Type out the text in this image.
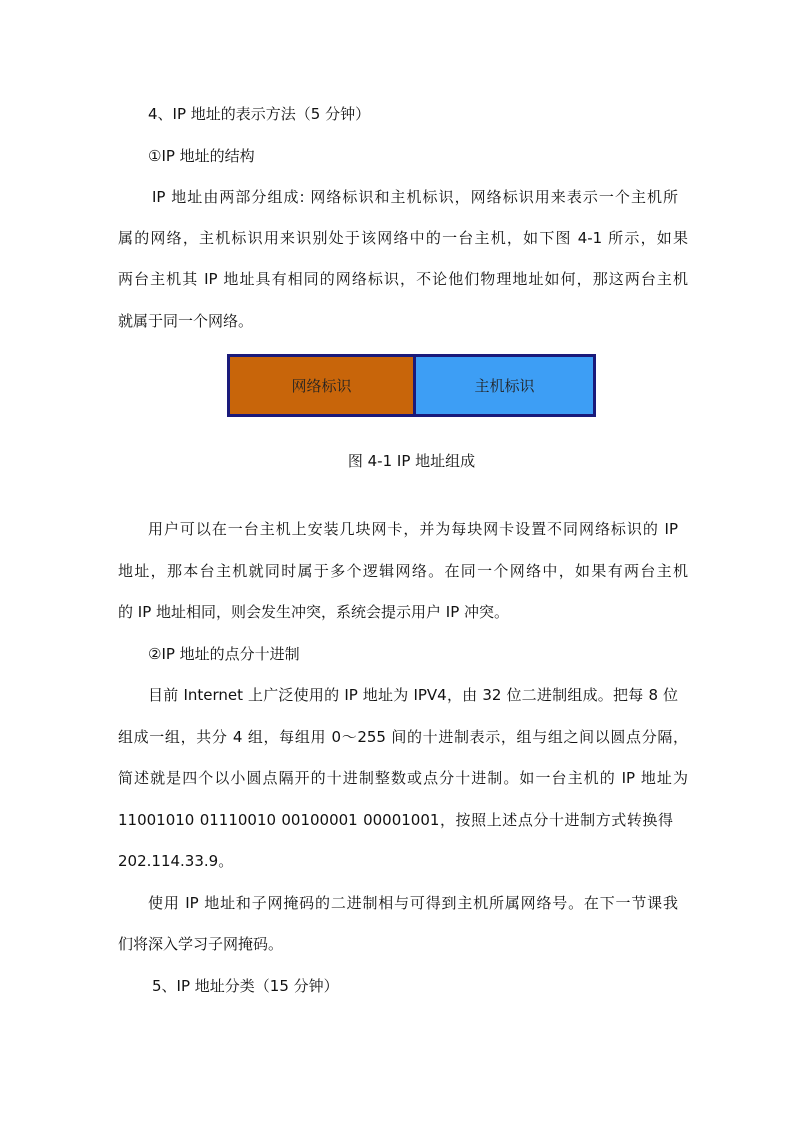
4、IP 地址的表示方法（5 分钟）

①IP 地址的结构

IP 地址由两部分组成: 网络标识和主机标识，网络标识用来表示一个主机所

属的网络，主机标识用来识别处于该网络中的一台主机，如下图 4-1 所示，如果

两台主机其 IP 地址具有相同的网络标识，不论他们物理地址如何，那这两台主机

就属于同一个网络。

网络标识	主机标识

图 4-1 IP 地址组成

用户可以在一台主机上安装几块网卡，并为每块网卡设置不同网络标识的 IP

地址，那本台主机就同时属于多个逻辑网络。在同一个网络中，如果有两台主机

的 IP 地址相同，则会发生冲突，系统会提示用户 IP 冲突。

②IP 地址的点分十进制

目前 Internet 上广泛使用的 IP 地址为 IPV4，由 32 位二进制组成。把每 8 位

组成一组，共分 4 组，每组用 0～255 间的十进制表示，组与组之间以圆点分隔，

简述就是四个以小圆点隔开的十进制整数或点分十进制。如一台主机的 IP 地址为

11001010 01110010 00100001 00001001，按照上述点分十进制方式转换得

202.114.33.9。

使用 IP 地址和子网掩码的二进制相与可得到主机所属网络号。在下一节课我

们将深入学习子网掩码。

5、IP 地址分类（15 分钟）
